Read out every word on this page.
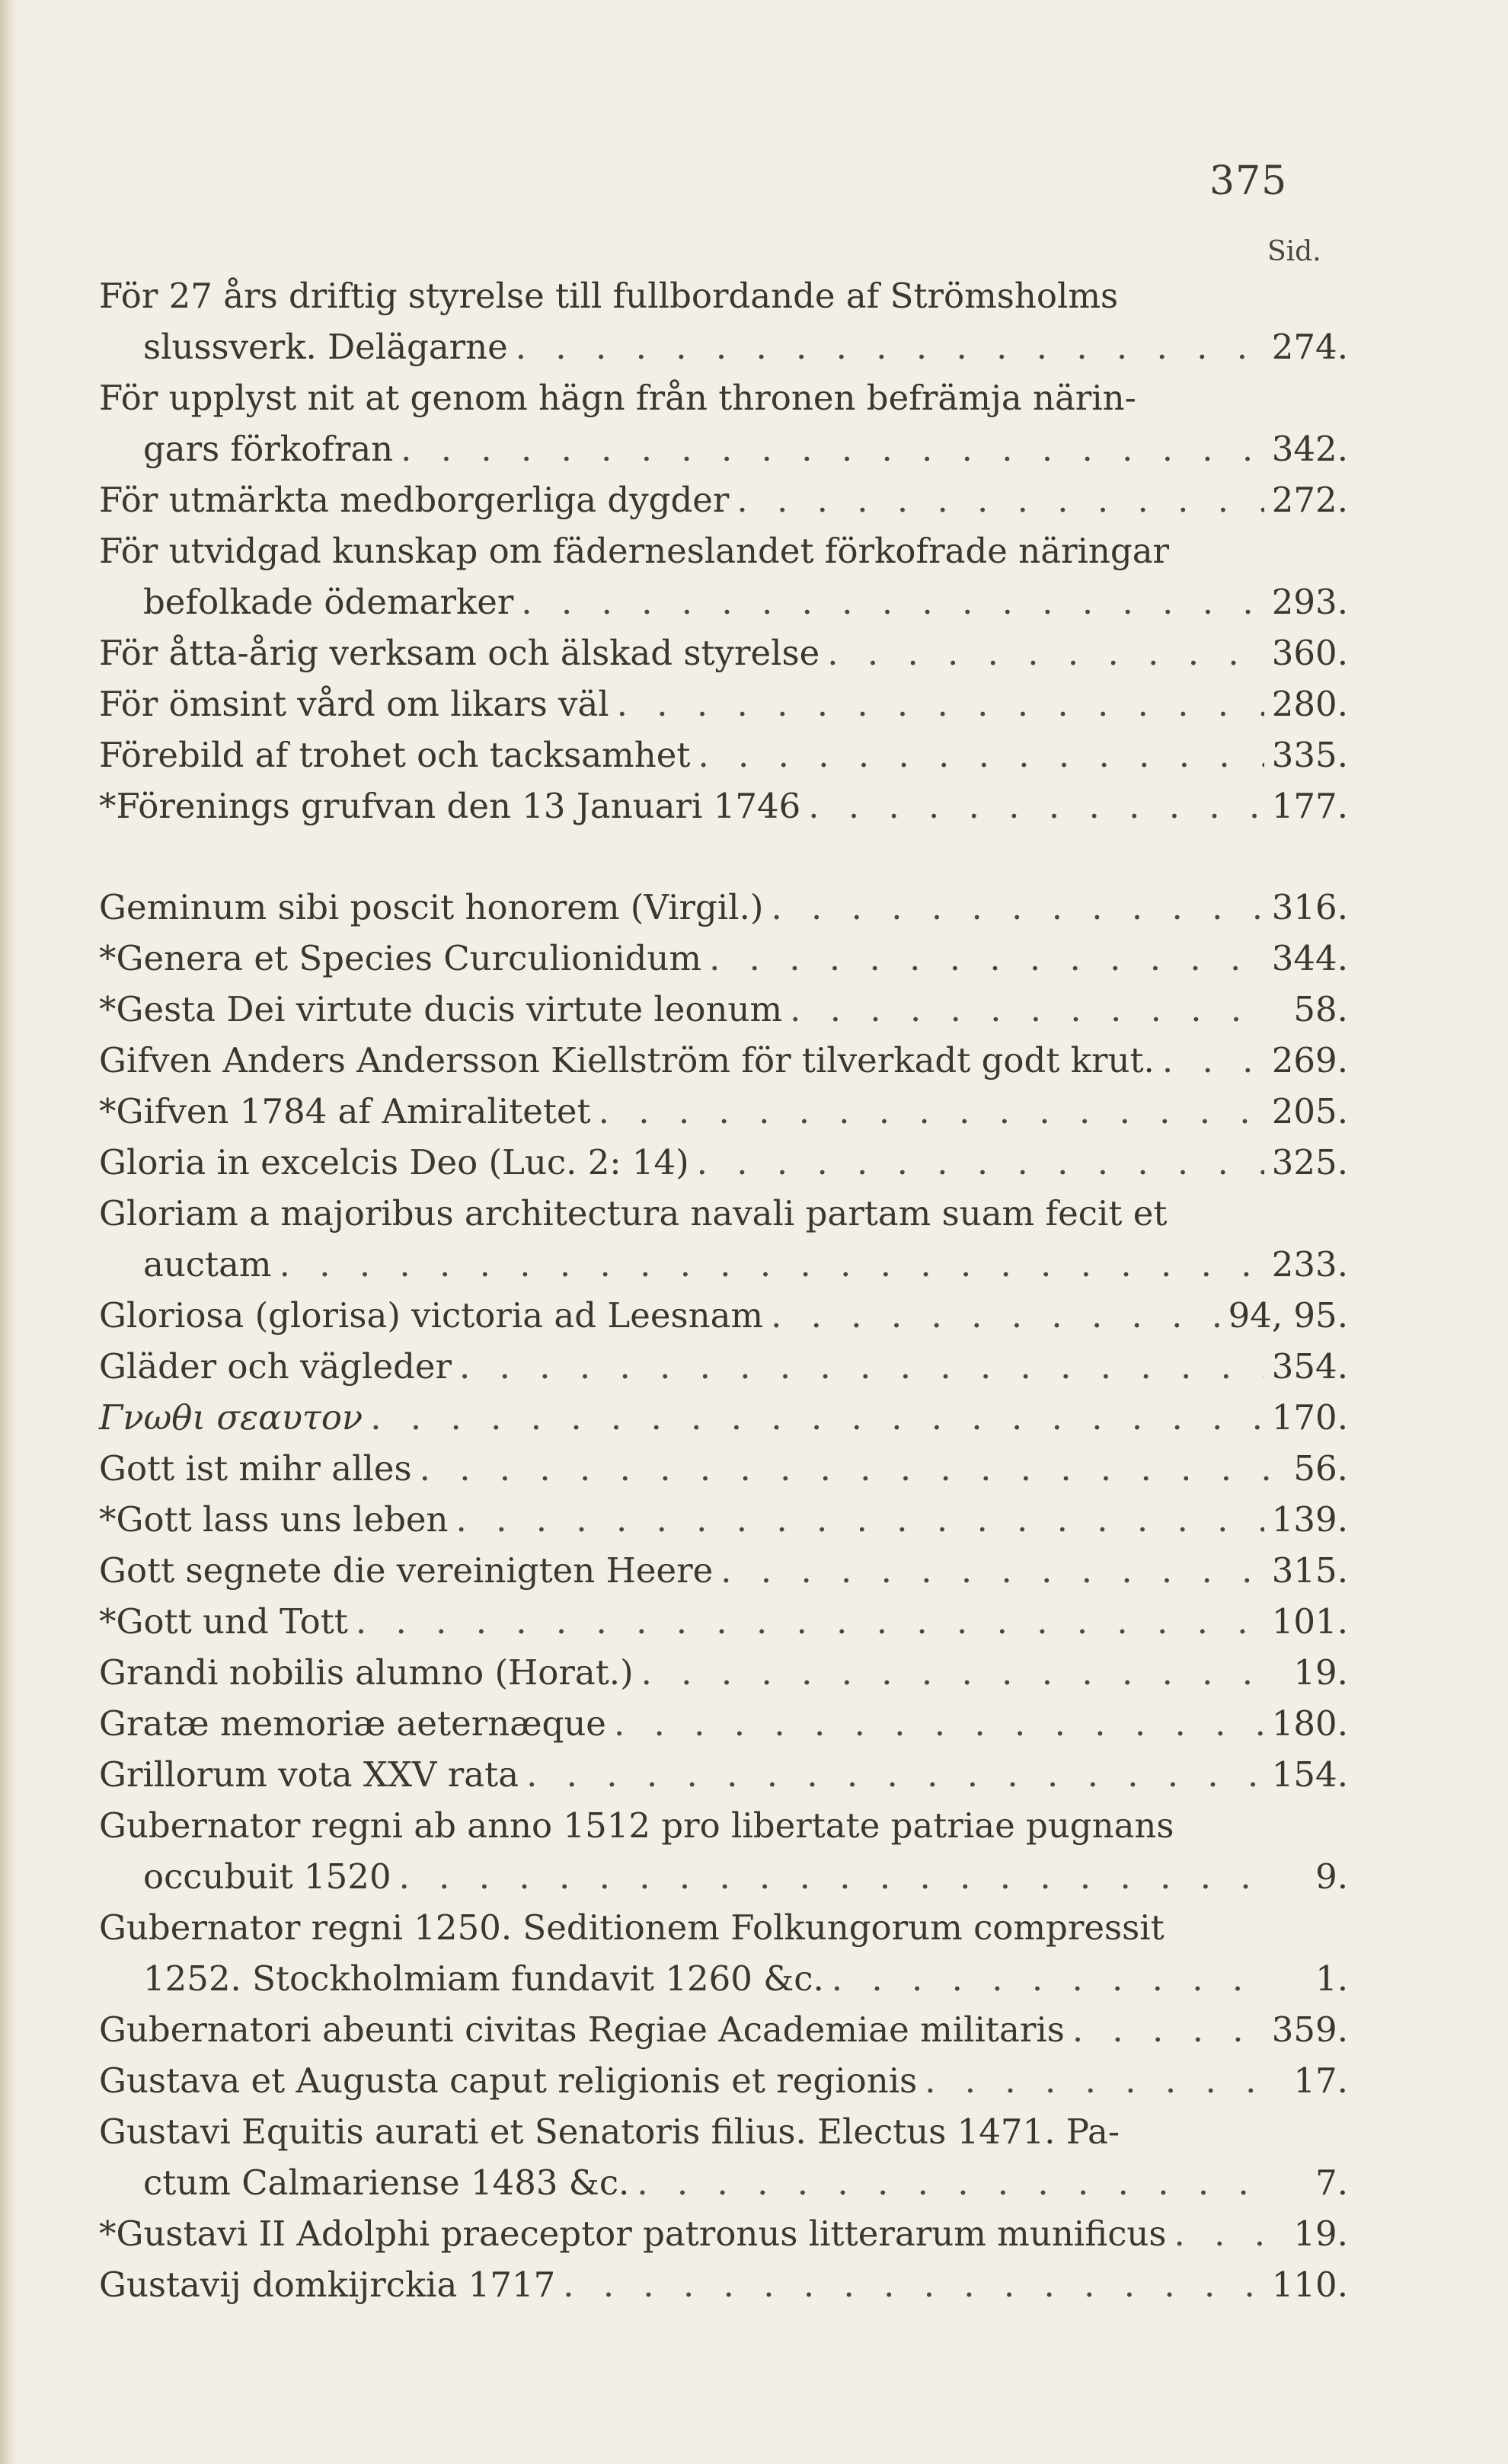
375
Sid.
För 27 års driftig styrelse till fullbordande af Strömsholms
slussverk. Delägarne . . .	274.
För upplyst nit at genom hägn från thronen befrämja närin-
gars förkofran . . .	342.
För utmärkta medborgerliga dygder . . .	272.
För utvidgad kunskap om fäderneslandet förkofrade näringar
befolkade ödemarker . . .	293.
För åtta-årig verksam och älskad styrelse . . .	360.
För ömsint vård om likars väl . . .	280.
Förebild af trohet och tacksamhet . . .	335.
*Förenings grufvan den 13 Januari 1746 . . .	177.
Geminum sibi poscit honorem (Virgil.) . . .	316.
*Genera et Species Curculionidum . . .	344.
*Gesta Dei virtute ducis virtute leonum . . .	58.
Gifven Anders Andersson Kiellström för tilverkadt godt krut. . . .	269.
*Gifven 1784 af Amiralitetet . . .	205.
Gloria in excelcis Deo (Luc. 2: 14) . . .	325.
Gloriam a majoribus architectura navali partam suam fecit et
auctam . . .	233.
Gloriosa (glorisa) victoria ad Leesnam . . .	94, 95.
Gläder och vägleder . . .	354.
Γνωθι σεαυτον . . .	170.
Gott ist mihr alles . . .	56.
*Gott lass uns leben . . .	139.
Gott segnete die vereinigten Heere . . .	315.
*Gott und Tott . . .	101.
Grandi nobilis alumno (Horat.) . . .	19.
Gratæ memoriæ aeternæque . . .	180.
Grillorum vota XXV rata . . .	154.
Gubernator regni ab anno 1512 pro libertate patriae pugnans
occubuit 1520 . . .	9.
Gubernator regni 1250. Seditionem Folkungorum compressit
1252. Stockholmiam fundavit 1260 &c. . . .	1.
Gubernatori abeunti civitas Regiae Academiae militaris . . .	359.
Gustava et Augusta caput religionis et regionis . . .	17.
Gustavi Equitis aurati et Senatoris filius. Electus 1471. Pa-
ctum Calmariense 1483 &c. . . .	7.
*Gustavi II Adolphi praeceptor patronus litterarum munificus . . .	19.
Gustavij domkijrckia 1717 . . .	110.
